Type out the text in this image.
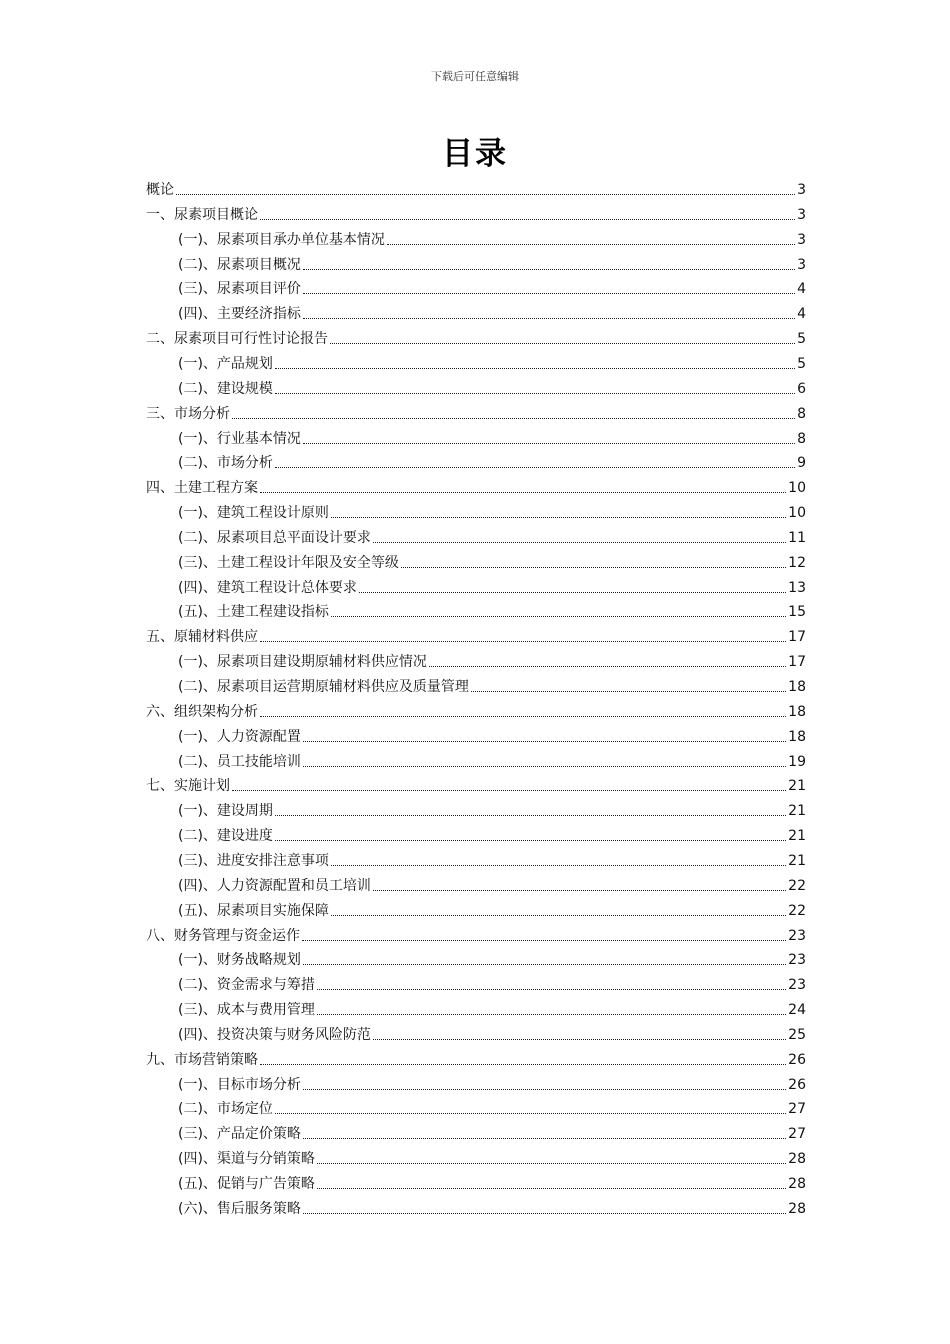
下载后可任意编辑
目录
概论	3
一、尿素项目概论	3
(一)、尿素项目承办单位基本情况	3
(二)、尿素项目概况	3
(三)、尿素项目评价	4
(四)、主要经济指标	4
二、尿素项目可行性讨论报告	5
(一)、产品规划	5
(二)、建设规模	6
三、市场分析	8
(一)、行业基本情况	8
(二)、市场分析	9
四、土建工程方案	10
(一)、建筑工程设计原则	10
(二)、尿素项目总平面设计要求	11
(三)、土建工程设计年限及安全等级	12
(四)、建筑工程设计总体要求	13
(五)、土建工程建设指标	15
五、原辅材料供应	17
(一)、尿素项目建设期原辅材料供应情况	17
(二)、尿素项目运营期原辅材料供应及质量管理	18
六、组织架构分析	18
(一)、人力资源配置	18
(二)、员工技能培训	19
七、实施计划	21
(一)、建设周期	21
(二)、建设进度	21
(三)、进度安排注意事项	21
(四)、人力资源配置和员工培训	22
(五)、尿素项目实施保障	22
八、财务管理与资金运作	23
(一)、财务战略规划	23
(二)、资金需求与筹措	23
(三)、成本与费用管理	24
(四)、投资决策与财务风险防范	25
九、市场营销策略	26
(一)、目标市场分析	26
(二)、市场定位	27
(三)、产品定价策略	27
(四)、渠道与分销策略	28
(五)、促销与广告策略	28
(六)、售后服务策略	28
